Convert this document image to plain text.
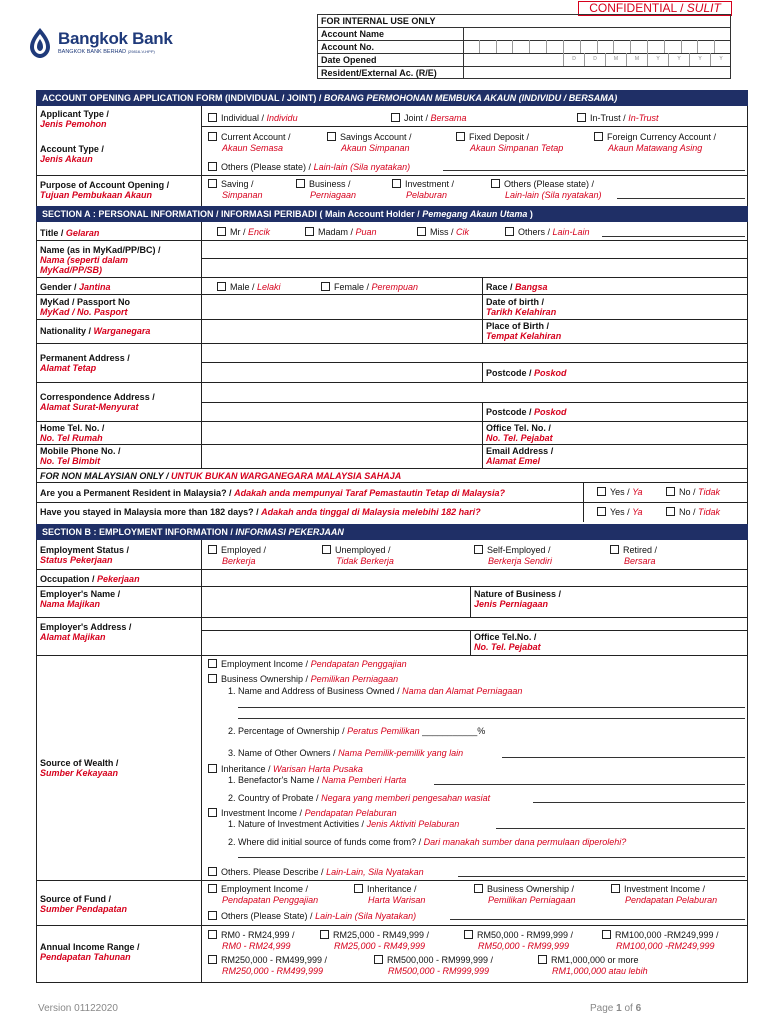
CONFIDENTIAL / SULIT
Bangkok Bank
BANGKOK BANK BERHAD (29816-V-HPP)
FOR INTERNAL USE ONLY
Account Name
Account No.
Date Opened
Resident/External Ac. (R/E)
D	D	M	M	Y	Y	Y	Y
ACCOUNT OPENING APPLICATION FORM (INDIVIDUAL / JOINT) / BORANG PERMOHONAN MEMBUKA AKAUN (INDIVIDU / BERSAMA)
Applicant Type /
Jenis Pemohon
Individual / Individu	Joint / Bersama	In-Trust / In-Trust
Account Type /
Jenis Akaun
Current Account /
Akaun Semasa
Savings Account /
Akaun Simpanan
Fixed Deposit /
Akaun Simpanan Tetap
Foreign Currency Account /
Akaun Matawang Asing
Others (Please state) / Lain-lain (Sila nyatakan)
Purpose of Account Opening /
Tujuan Pembukaan Akaun
Saving /
Simpanan
Business /
Perniagaan
Investment /
Pelaburan
Others (Please state) /
Lain-lain (Sila nyatakan)
SECTION A : PERSONAL INFORMATION / INFORMASI PERIBADI ( Main Account Holder / Pemegang Akaun Utama )
Title / Gelaran	Mr / Encik	Madam / Puan	Miss / Cik	Others / Lain-Lain
Name (as in MyKad/PP/BC) /
Nama (seperti dalam
MyKad/PP/SB)
Gender / Jantina	Male / Lelaki	Female / Perempuan	Race / Bangsa
MyKad / Passport No
MyKad / No. Pasport
Date of birth /
Tarikh Kelahiran
Nationality / Warganegara	Place of Birth /
Tempat Kelahiran
Permanent Address /
Alamat Tetap	Postcode / Poskod
Correspondence Address /
Alamat Surat-Menyurat	Postcode / Poskod
Home Tel. No. /
No. Tel Rumah
Office Tel. No. /
No. Tel. Pejabat
Mobile Phone No. /
No. Tel Bimbit
Email Address /
Alamat Emel
FOR NON MALAYSIAN ONLY / UNTUK BUKAN WARGANEGARA MALAYSIA SAHAJA
Are you a Permanent Resident in Malaysia? / Adakah anda mempunyai Taraf Pemastautin Tetap di Malaysia?	Yes / Ya	No / Tidak
Have you stayed in Malaysia more than 182 days? / Adakah anda tinggal di Malaysia melebihi 182 hari?	Yes / Ya	No / Tidak
SECTION B : EMPLOYMENT INFORMATION / INFORMASI PEKERJAAN
Employment Status /
Status Pekerjaan
Employed /
Berkerja
Unemployed /
Tidak Berkerja
Self-Employed /
Berkerja Sendiri
Retired /
Bersara
Occupation / Pekerjaan
Employer's Name /
Nama Majikan
Nature of Business /
Jenis Perniagaan
Employer's Address /
Alamat Majikan	Office Tel.No. /
No. Tel. Pejabat
Source of Wealth /
Sumber Kekayaan
Employment Income / Pendapatan Penggajian
Business Ownership / Pemilikan Perniagaan
1. Name and Address of Business Owned / Nama dan Alamat Perniagaan
2. Percentage of Ownership / Peratus Pemilikan ___________%
3. Name of Other Owners / Nama Pemilik-pemilik yang lain
Inheritance / Warisan Harta Pusaka
1. Benefactor's Name / Nama Pemberi Harta
2. Country of Probate / Negara yang memberi pengesahan wasiat
Investment Income / Pendapatan Pelaburan
1. Nature of Investment Activities / Jenis Aktiviti Pelaburan
2. Where did initial source of funds come from? / Dari manakah sumber dana permulaan diperolehi?
Others. Please Describe / Lain-Lain, Sila Nyatakan
Source of Fund /
Sumber Pendapatan
Employment Income /
Pendapatan Penggajian
Inheritance /
Harta Warisan
Business Ownership /
Pemilikan Perniagaan
Investment Income /
Pendapatan Pelaburan
Others (Please State) / Lain-Lain (Sila Nyatakan)
Annual Income Range /
Pendapatan Tahunan
RM0 - RM24,999 /
RM0 - RM24,999
RM25,000 - RM49,999 /
RM25,000 - RM49,999
RM50,000 - RM99,999 /
RM50,000 - RM99,999
RM100,000 -RM249,999 /
RM100,000 -RM249,999
RM250,000 - RM499,999 /
RM250,000 - RM499,999
RM500,000 - RM999,999 /
RM500,000 - RM999,999
RM1,000,000 or more
RM1,000,000 atau lebih
Version 01122020	Page 1 of 6
